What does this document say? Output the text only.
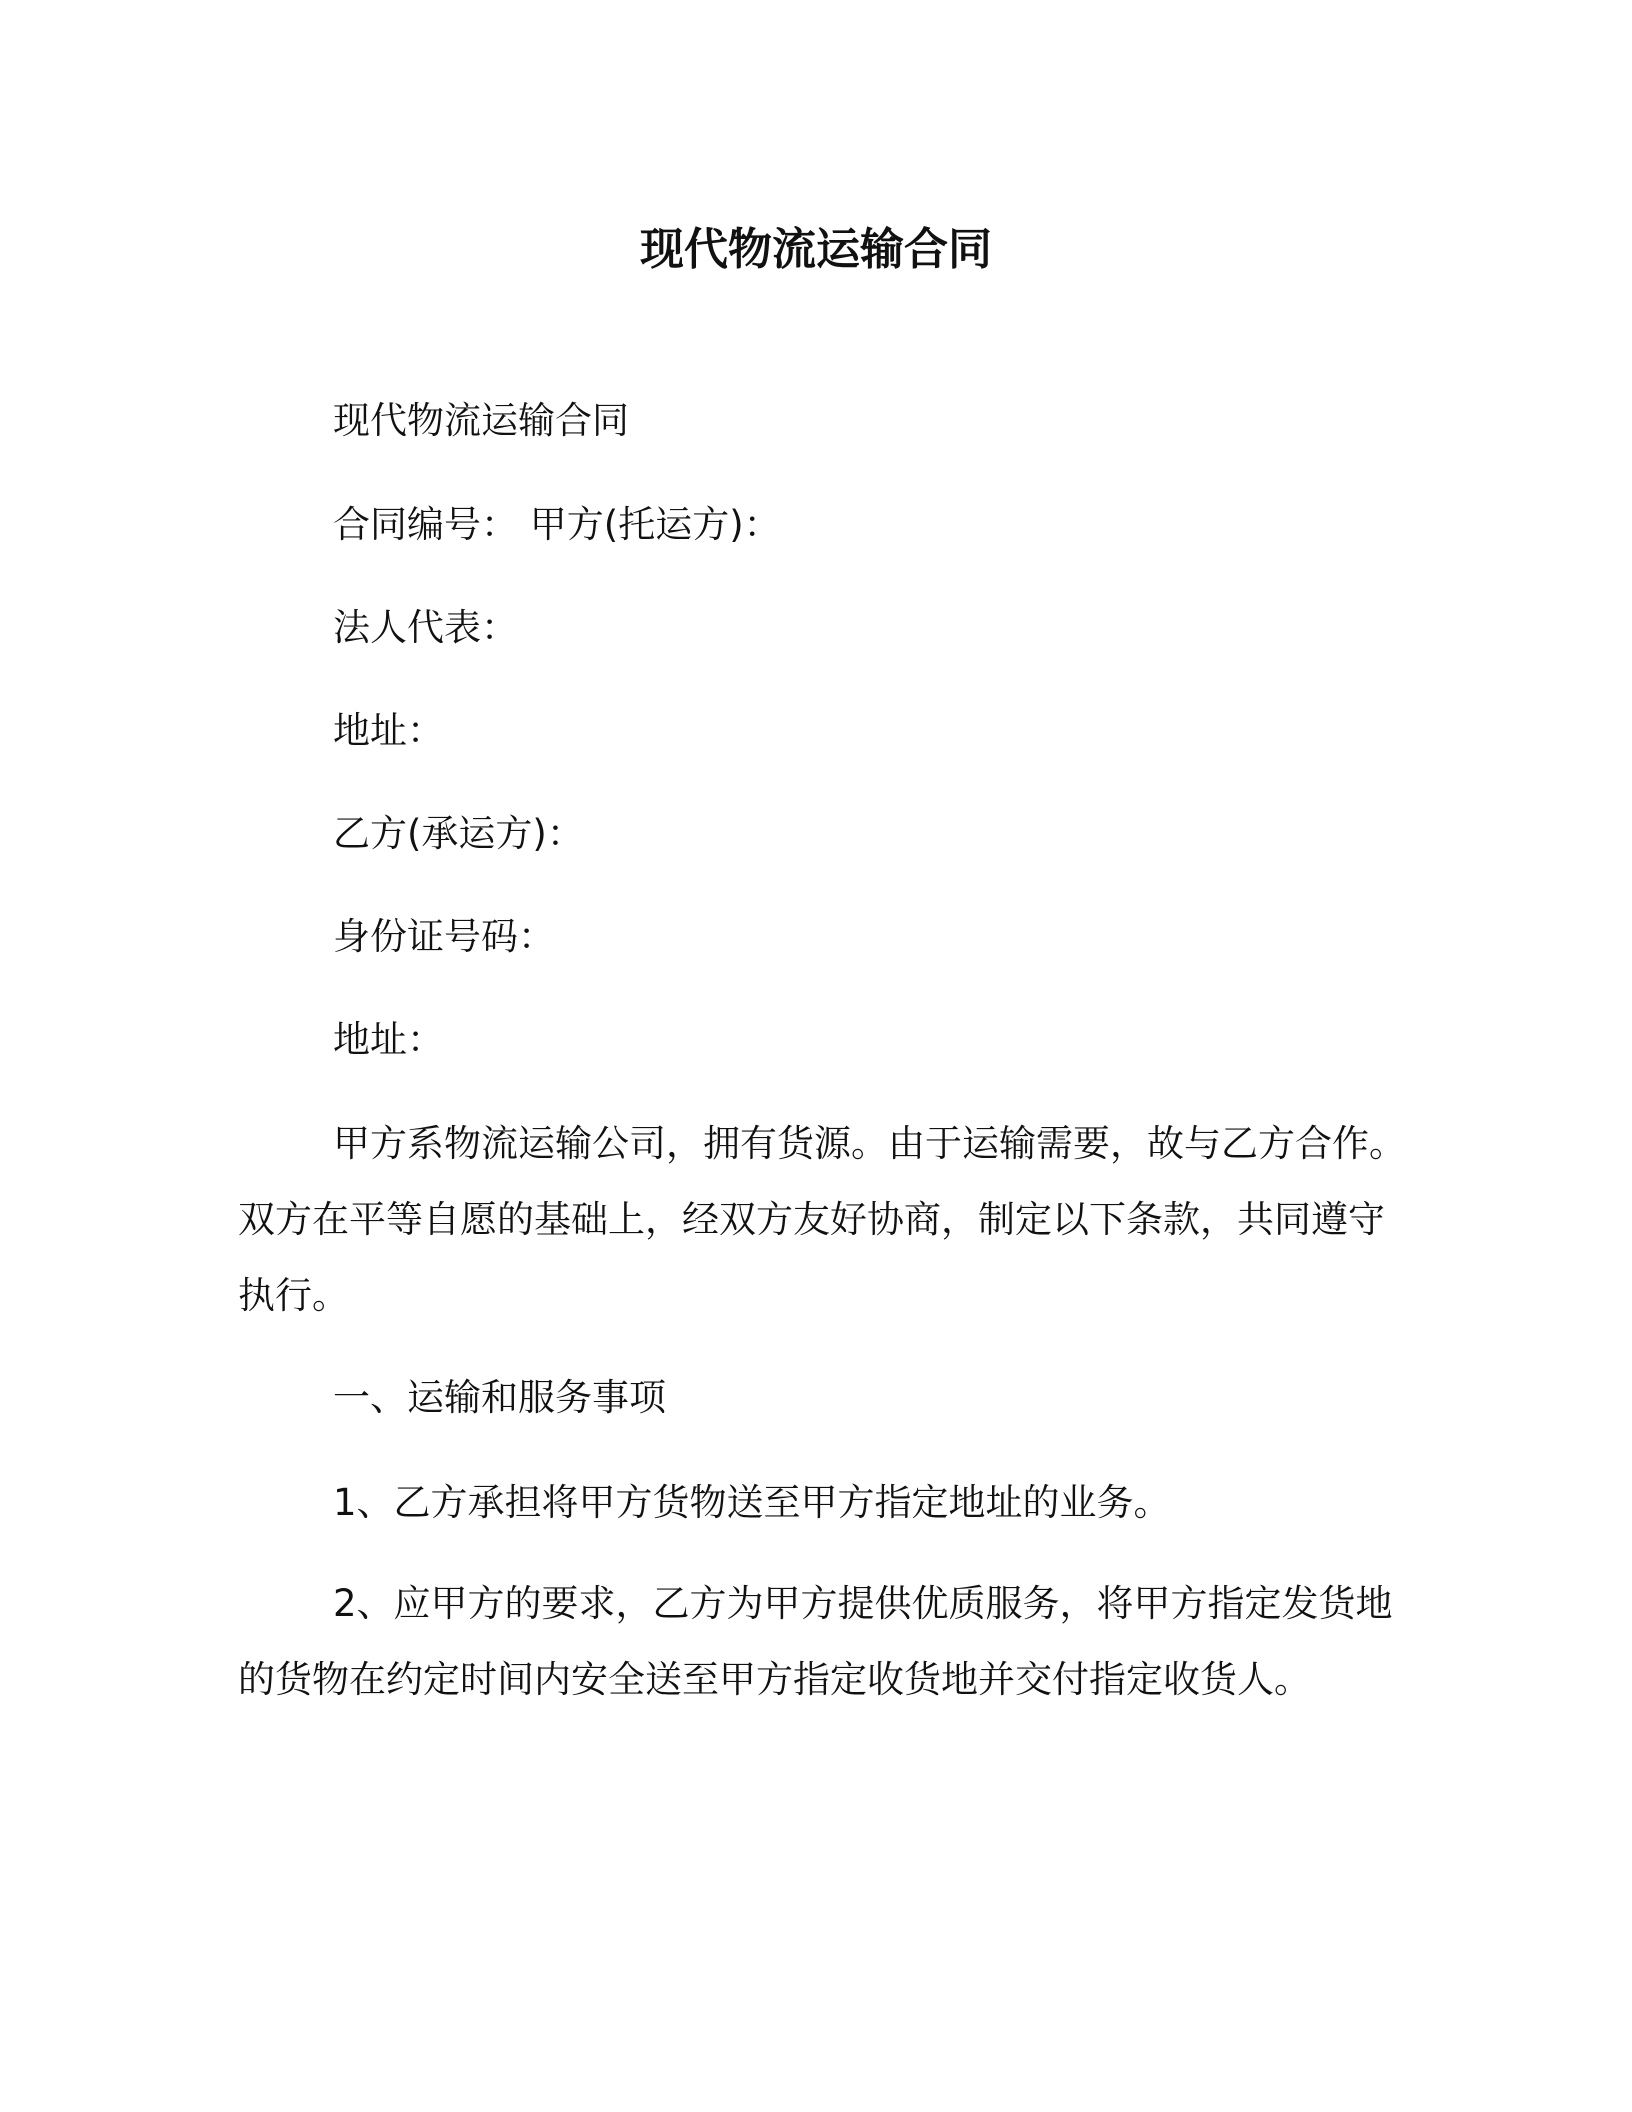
现代物流运输合同
现代物流运输合同
合同编号： 甲方(托运方)：
法人代表：
地址：
乙方(承运方)：
身份证号码：
地址：

甲方系物流运输公司，拥有货源。由于运输需要，故与乙方合作。双方在平等自愿的基础上，经双方友好协商，制定以下条款，共同遵守执行。

一、运输和服务事项

1、乙方承担将甲方货物送至甲方指定地址的业务。

2、应甲方的要求，乙方为甲方提供优质服务，将甲方指定发货地的货物在约定时间内安全送至甲方指定收货地并交付指定收货人。
